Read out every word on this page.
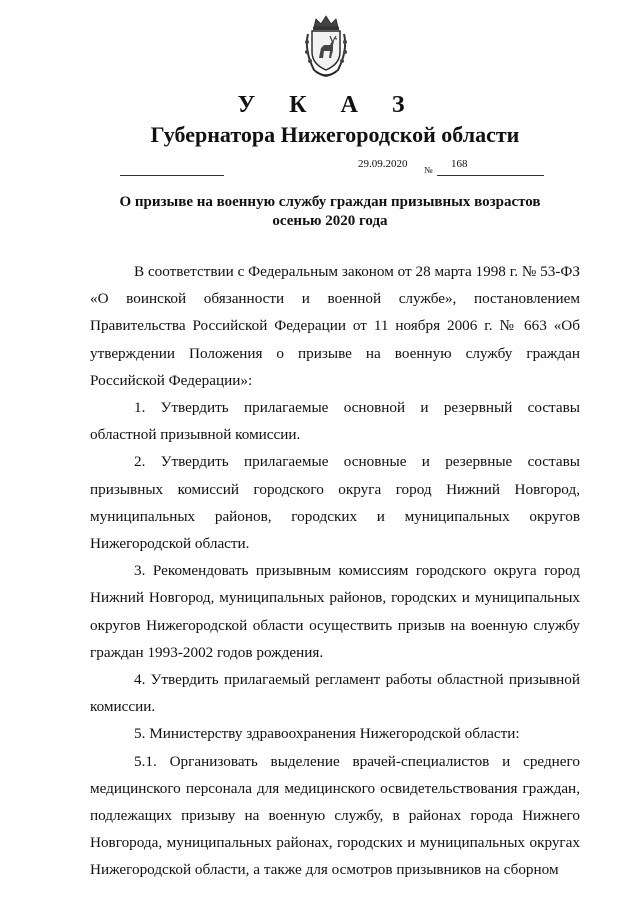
У К А З
Губернатора Нижегородской области
29.09.2020 № 168
О призыве на военную службу граждан призывных возрастов
осенью 2020 года

В соответствии с Федеральным законом от 28 марта 1998 г. № 53-ФЗ «О воинской обязанности и военной службе», постановлением Правительства Российской Федерации от 11 ноября 2006 г. № 663 «Об утверждении Положения о призыве на военную службу граждан Российской Федерации»:

1. Утвердить прилагаемые основной и резервный составы областной призывной комиссии.

2. Утвердить прилагаемые основные и резервные составы призывных комиссий городского округа город Нижний Новгород, муниципальных районов, городских и муниципальных округов Нижегородской области.

3. Рекомендовать призывным комиссиям городского округа город Нижний Новгород, муниципальных районов, городских и муниципальных округов Нижегородской области осуществить призыв на военную службу граждан 1993-2002 годов рождения.

4. Утвердить прилагаемый регламент работы областной призывной комиссии.

5. Министерству здравоохранения Нижегородской области:

5.1. Организовать выделение врачей-специалистов и среднего медицинского персонала для медицинского освидетельствования граждан, подлежащих призыву на военную службу, в районах города Нижнего Новгорода, муниципальных районах, городских и муниципальных округах Нижегородской области, а также для осмотров призывников на сборном
